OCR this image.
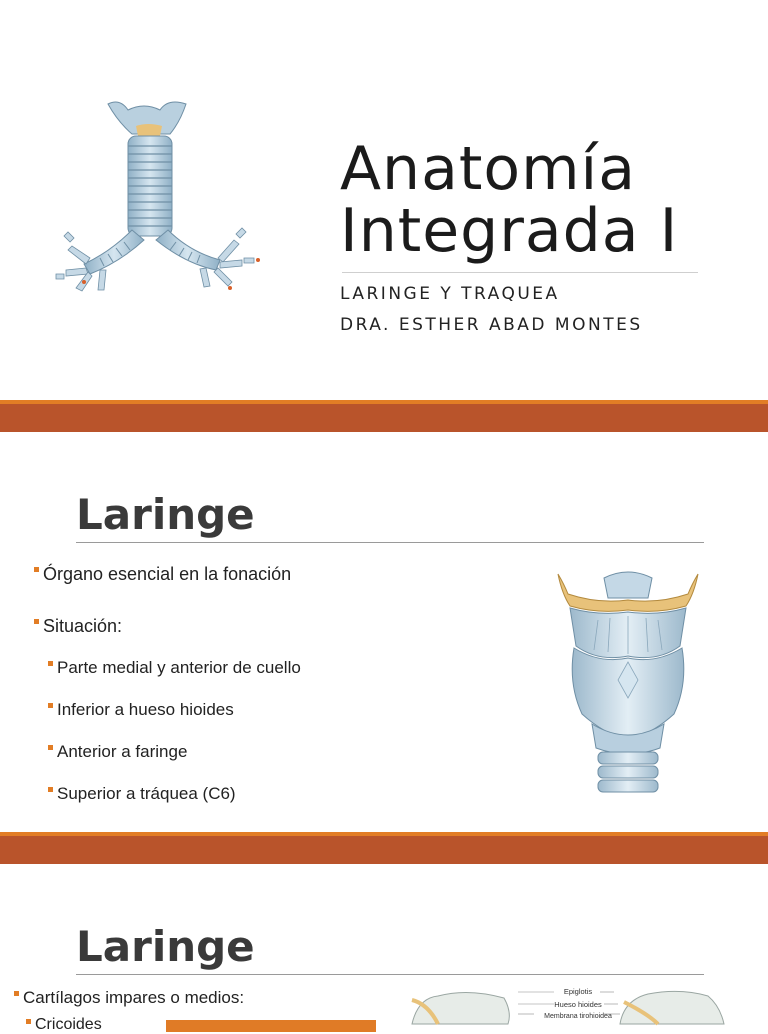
Anatomía
Integrada I
LARINGE Y TRAQUEA
DRA. ESTHER ABAD MONTES
Laringe
Órgano esencial en la fonación
Situación:
Parte medial y anterior de cuello
Inferior a hueso hioides
Anterior a faringe
Superior a tráquea (C6)
Laringe
Cartílagos impares o medios:
Cricoides
Epiglotis
Hueso hioides
Membrana tirohioidea
